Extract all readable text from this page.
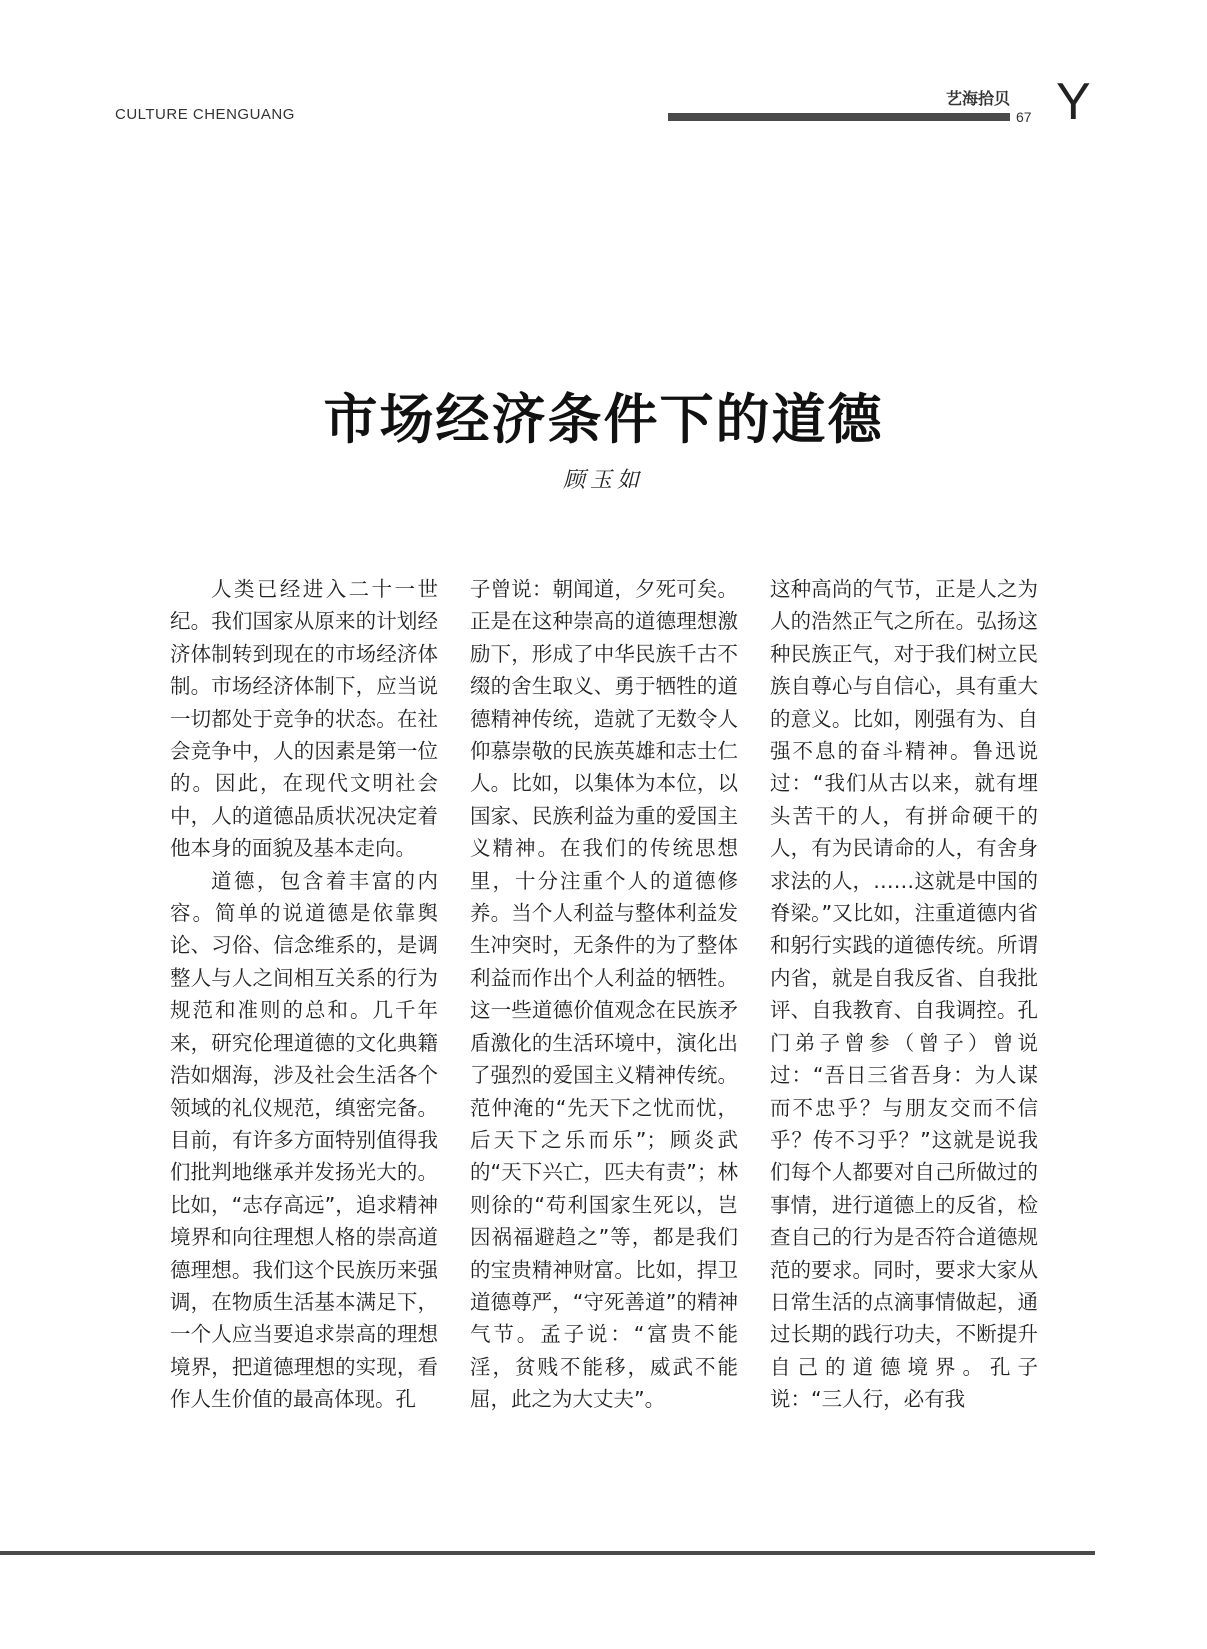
CULTURE CHENGUANG
艺海拾贝
67 Y
市场经济条件下的道德
顾玉如

人类已经进入二十一世纪。我们国家从原来的计划经济体制转到现在的市场经济体制。市场经济体制下，应当说一切都处于竞争的状态。在社会竞争中，人的因素是第一位的。因此，在现代文明社会中，人的道德品质状况决定着他本身的面貌及基本走向。

道德，包含着丰富的内容。简单的说道德是依靠舆论、习俗、信念维系的，是调整人与人之间相互关系的行为规范和准则的总和。几千年来，研究伦理道德的文化典籍浩如烟海，涉及社会生活各个领域的礼仪规范，缜密完备。目前，有许多方面特别值得我们批判地继承并发扬光大的。比如，“志存高远”，追求精神境界和向往理想人格的崇高道德理想。我们这个民族历来强调，在物质生活基本满足下，一个人应当要追求崇高的理想境界，把道德理想的实现，看作人生价值的最高体现。孔

子曾说：朝闻道，夕死可矣。正是在这种崇高的道德理想激励下，形成了中华民族千古不缀的舍生取义、勇于牺牲的道德精神传统，造就了无数令人仰慕崇敬的民族英雄和志士仁人。比如，以集体为本位，以国家、民族利益为重的爱国主义精神。在我们的传统思想里，十分注重个人的道德修养。当个人利益与整体利益发生冲突时，无条件的为了整体利益而作出个人利益的牺牲。这一些道德价值观念在民族矛盾激化的生活环境中，演化出了强烈的爱国主义精神传统。范仲淹的“先天下之忧而忧，后天下之乐而乐”；顾炎武的“天下兴亡，匹夫有责”；林则徐的“苟利国家生死以，岂因祸福避趋之”等，都是我们的宝贵精神财富。比如，捍卫道德尊严，“守死善道”的精神气节。孟子说：“富贵不能淫，贫贱不能移，威武不能屈，此之为大丈夫”。

这种高尚的气节，正是人之为人的浩然正气之所在。弘扬这种民族正气，对于我们树立民族自尊心与自信心，具有重大的意义。比如，刚强有为、自强不息的奋斗精神。鲁迅说过：“我们从古以来，就有埋头苦干的人，有拼命硬干的人，有为民请命的人，有舍身求法的人，……这就是中国的脊梁。”又比如，注重道德内省和躬行实践的道德传统。所谓内省，就是自我反省、自我批评、自我教育、自我调控。孔门弟子曾参（曾子）曾说过：“吾日三省吾身：为人谋而不忠乎？与朋友交而不信乎？传不习乎？”这就是说我们每个人都要对自己所做过的事情，进行道德上的反省，检查自己的行为是否符合道德规范的要求。同时，要求大家从日常生活的点滴事情做起，通过长期的践行功夫，不断提升自己的道德境界。孔子说：“三人行，必有我
